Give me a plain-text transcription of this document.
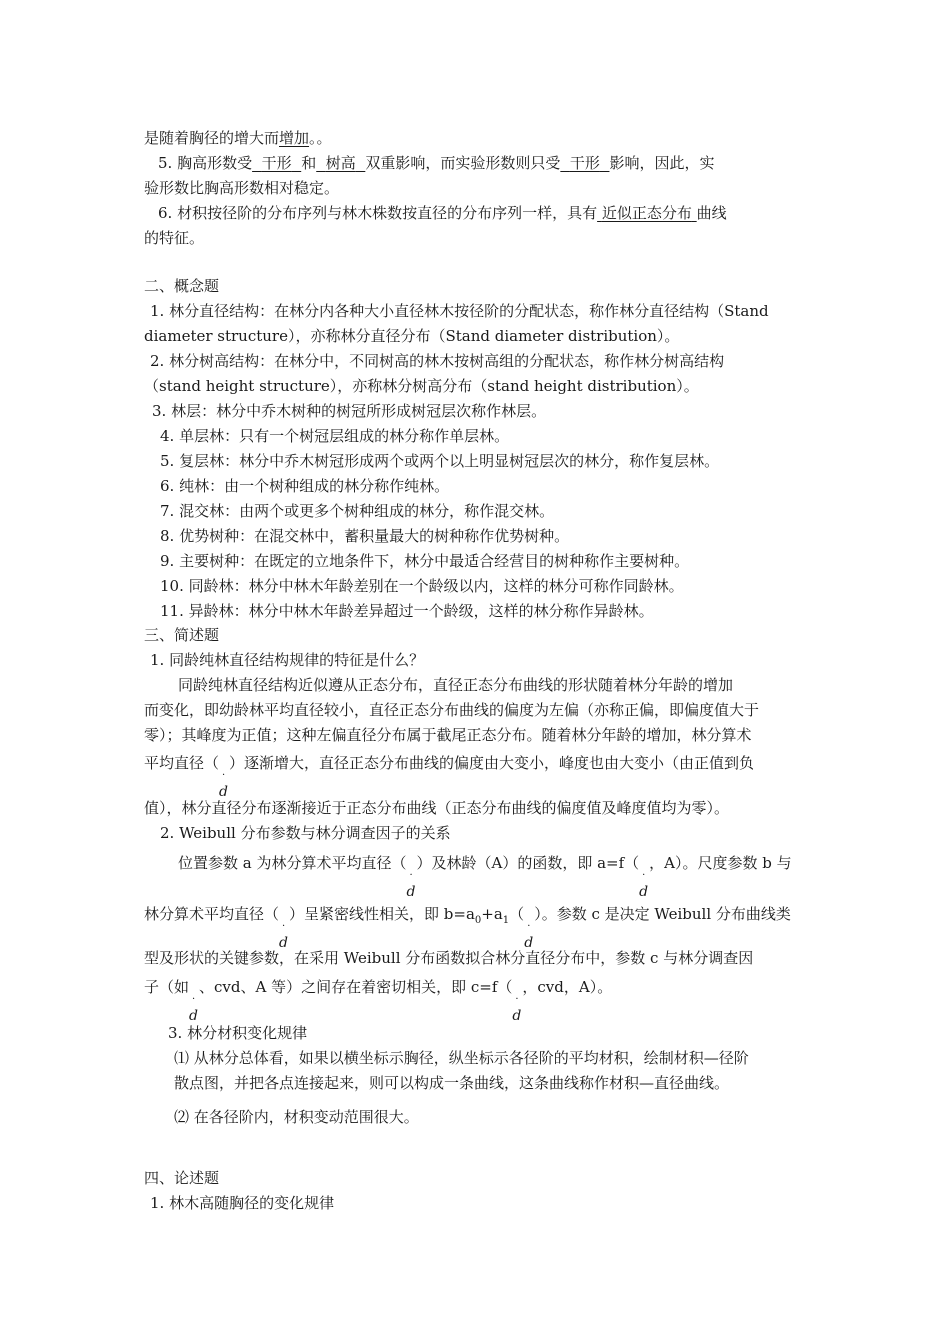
是随着胸径的增大而增加。。
5. 胸高形数受 干形 和 树高 双重影响，而实验形数则只受 干形 影响，因此，实
验形数比胸高形数相对稳定。
6. 材积按径阶的分布序列与林木株数按直径的分布序列一样，具有 近似正态分布 曲线
的特征。
二、概念题
1. 林分直径结构：在林分内各种大小直径林木按径阶的分配状态，称作林分直径结构（Stand
diameter structure），亦称林分直径分布（Stand diameter distribution）。
2. 林分树高结构：在林分中，不同树高的林木按树高组的分配状态，称作林分树高结构
（stand height structure），亦称林分树高分布（stand height distribution）。
3. 林层：林分中乔木树种的树冠所形成树冠层次称作林层。
4. 单层林：只有一个树冠层组成的林分称作单层林。
5. 复层林：林分中乔木树冠形成两个或两个以上明显树冠层次的林分，称作复层林。
6. 纯林：由一个树种组成的林分称作纯林。
7. 混交林：由两个或更多个树种组成的林分，称作混交林。
8. 优势树种：在混交林中，蓄积量最大的树种称作优势树种。
9. 主要树种：在既定的立地条件下，林分中最适合经营目的树种称作主要树种。
10. 同龄林：林分中林木年龄差别在一个龄级以内，这样的林分可称作同龄林。
11. 异龄林：林分中林木年龄差异超过一个龄级，这样的林分称作异龄林。
三、简述题
1. 同龄纯林直径结构规律的特征是什么？
同龄纯林直径结构近似遵从正态分布，直径正态分布曲线的形状随着林分年龄的增加
而变化，即幼龄林平均直径较小，直径正态分布曲线的偏度为左偏（亦称正偏，即偏度值大于
零）；其峰度为正值；这种左偏直径分布属于截尾正态分布。随着林分年龄的增加，林分算术
平均直径（
·
d
）逐渐增大，直径正态分布曲线的偏度由大变小，峰度也由大变小（由正值到负
值），林分直径分布逐渐接近于正态分布曲线（正态分布曲线的偏度值及峰度值均为零）。
2. Weibull 分布参数与林分调查因子的关系
位置参数 a 为林分算术平均直径（
·
d
）及林龄（A）的函数，即 a=f（
·
d
，A）。尺度参数 b 与
林分算术平均直径（
·
d
）呈紧密线性相关，即 $b=a_0+a_1$（
·
d
）。参数 c 是决定 Weibull 分布曲线类
型及形状的关键参数，在采用 Weibull 分布函数拟合林分直径分布中，参数 c 与林分调查因
子（如
·
d
、cvd、A 等）之间存在着密切相关，即 c=f（
·
d
，cvd，A）。
3. 林分材积变化规律
⑴ 从林分总体看，如果以横坐标示胸径，纵坐标示各径阶的平均材积，绘制材积—径阶
散点图，并把各点连接起来，则可以构成一条曲线，这条曲线称作材积—直径曲线。
⑵ 在各径阶内，材积变动范围很大。
四、论述题
1. 林木高随胸径的变化规律
